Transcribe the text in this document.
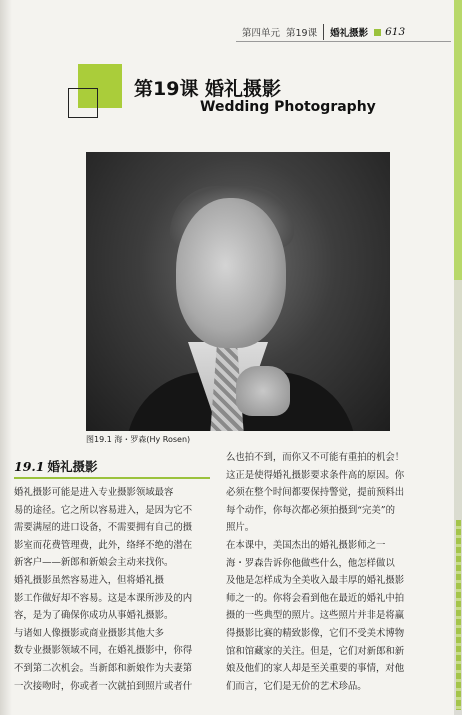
第四单元 第19课 婚礼摄影 613
第19课 婚礼摄影
Wedding Photography
图19.1 海・罗森(Hy Rosen)
19.1 婚礼摄影
婚礼摄影可能是进入专业摄影领域最容
易的途径。它之所以容易进入，是因为它不
需要满屋的进口设备，不需要拥有自己的摄
影室而花费管理费，此外，络绎不绝的潜在
新客户——新郎和新娘会主动来找你。
婚礼摄影虽然容易进入，但将婚礼摄
影工作做好却不容易。这是本课所涉及的内
容，是为了确保你成功从事婚礼摄影。
与诸如人像摄影或商业摄影其他大多
数专业摄影领域不同，在婚礼摄影中，你得
不到第二次机会。当新郎和新娘作为夫妻第
一次接吻时，你或者一次就拍到照片或者什
么也拍不到，而你又不可能有重拍的机会！
这正是使得婚礼摄影要求条件高的原因。你
必须在整个时间都要保持警觉，提前预料出
每个动作，你每次都必须拍摄到“完美”的
照片。
在本课中，美国杰出的婚礼摄影师之一
海・罗森告诉你他做些什么，他怎样做以
及他是怎样成为全美收入最丰厚的婚礼摄影
师之一的。你将会看到他在最近的婚礼中拍
摄的一些典型的照片。这些照片并非是将赢
得摄影比赛的精致影像，它们不受美术博物
馆和馆藏家的关注。但是，它们对新郎和新
娘及他们的家人却是至关重要的事情，对他
们而言，它们是无价的艺术珍品。
